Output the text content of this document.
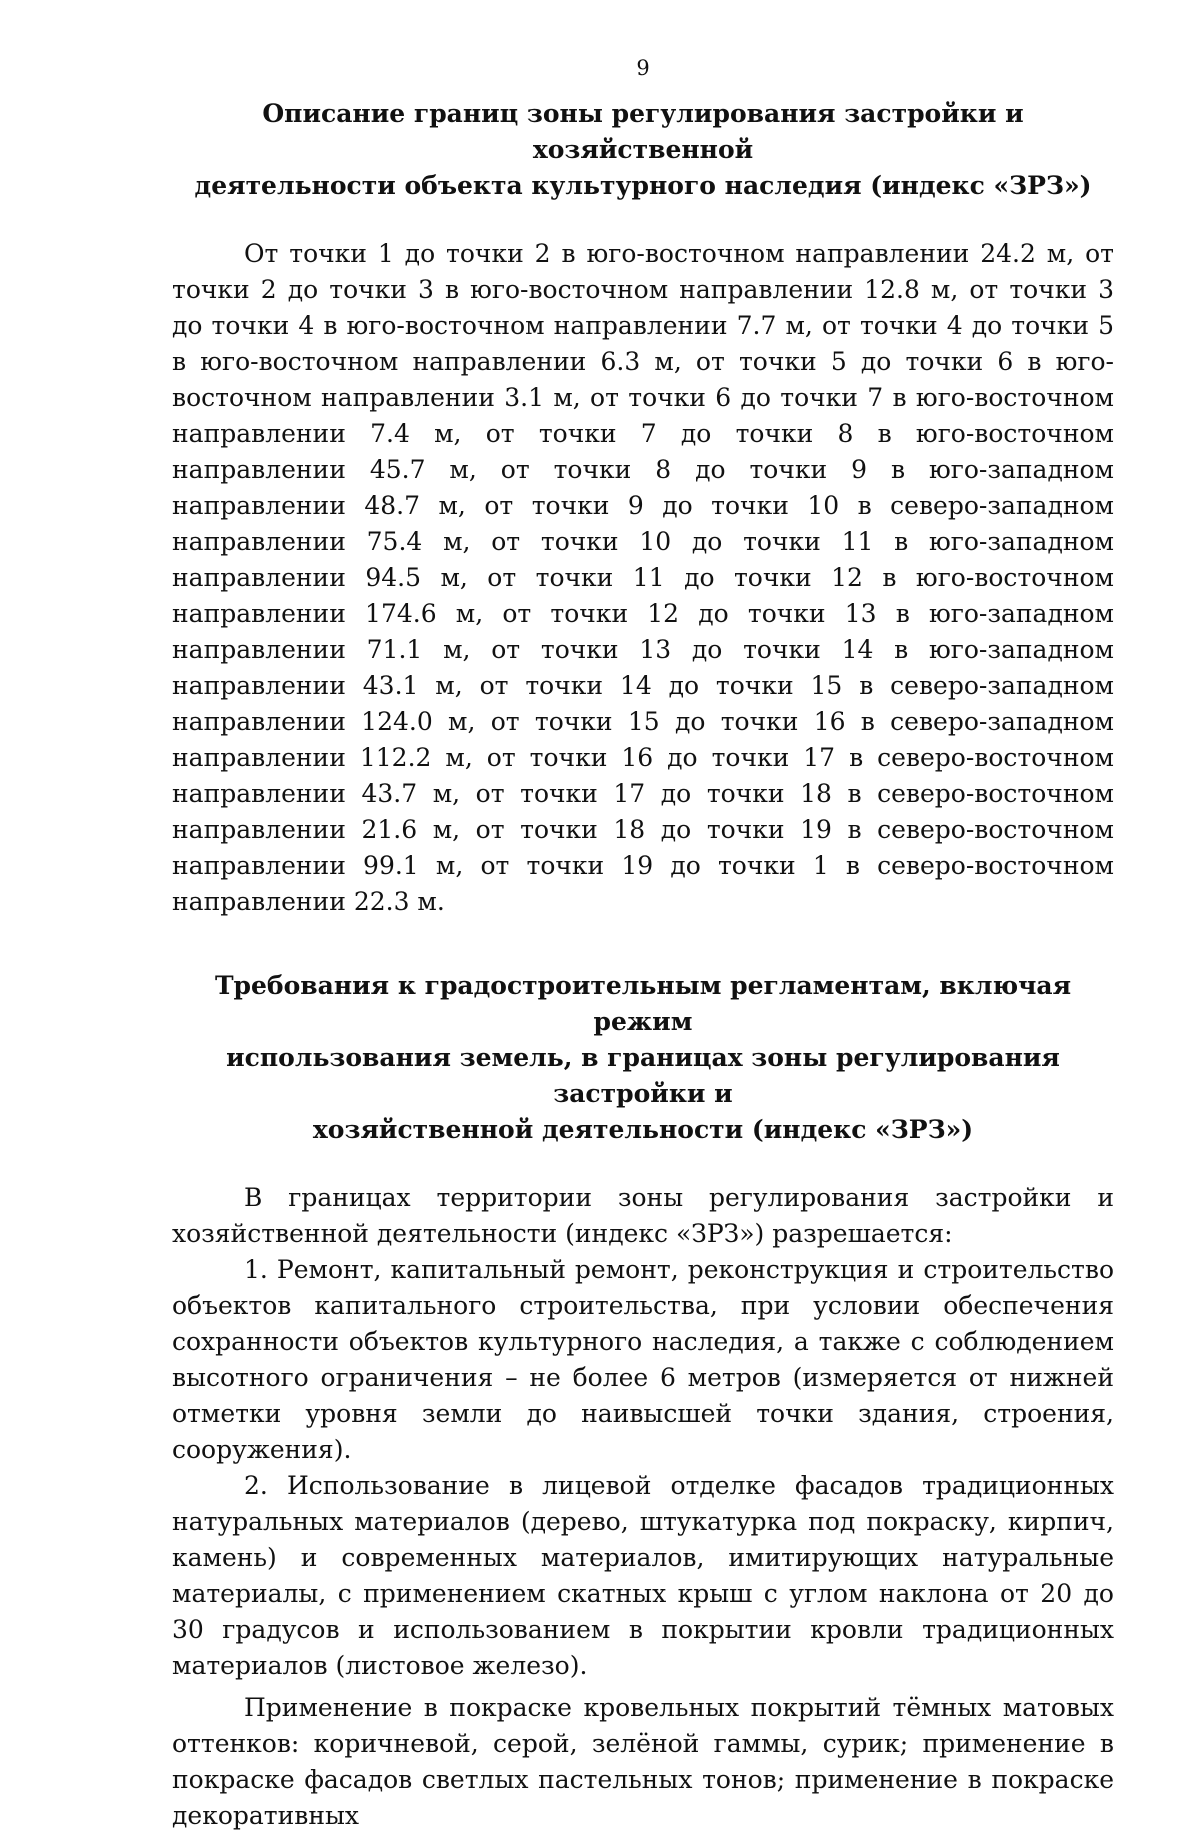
9
Описание границ зоны регулирования застройки и хозяйственной
деятельности объекта культурного наследия (индекс «ЗРЗ»)

От точки 1 до точки 2 в юго-восточном направлении 24.2 м, от точки 2 до точки 3 в юго-восточном направлении 12.8 м, от точки 3 до точки 4 в юго-восточном направлении 7.7 м, от точки 4 до точки 5 в юго-восточном направлении 6.3 м, от точки 5 до точки 6 в юго-восточном направлении 3.1 м, от точки 6 до точки 7 в юго-восточном направлении 7.4 м, от точки 7 до точки 8 в юго-восточном направлении 45.7 м, от точки 8 до точки 9 в юго-западном направлении 48.7 м, от точки 9 до точки 10 в северо-западном направлении 75.4 м, от точки 10 до точки 11 в юго-западном направлении 94.5 м, от точки 11 до точки 12 в юго-восточном направлении 174.6 м, от точки 12 до точки 13 в юго-западном направлении 71.1 м, от точки 13 до точки 14 в юго-западном направлении 43.1 м, от точки 14 до точки 15 в северо-западном направлении 124.0 м, от точки 15 до точки 16 в северо-западном направлении 112.2 м, от точки 16 до точки 17 в северо-восточном направлении 43.7 м, от точки 17 до точки 18 в северо-восточном направлении 21.6 м, от точки 18 до точки 19 в северо-восточном направлении 99.1 м, от точки 19 до точки 1 в северо-восточном направлении 22.3 м.

Требования к градостроительным регламентам, включая режим
использования земель, в границах зоны регулирования застройки и
хозяйственной деятельности (индекс «ЗРЗ»)

В границах территории зоны регулирования застройки и хозяйственной деятельности (индекс «ЗРЗ») разрешается:

1. Ремонт, капитальный ремонт, реконструкция и строительство объектов капитального строительства, при условии обеспечения сохранности объектов культурного наследия, а также с соблюдением высотного ограничения – не более 6 метров (измеряется от нижней отметки уровня земли до наивысшей точки здания, строения, сооружения).

2. Использование в лицевой отделке фасадов традиционных натуральных материалов (дерево, штукатурка под покраску, кирпич, камень) и современных материалов, имитирующих натуральные материалы, с применением скатных крыш с углом наклона от 20 до 30 градусов и использованием в покрытии кровли традиционных материалов (листовое железо).

Применение в покраске кровельных покрытий тёмных матовых оттенков: коричневой, серой, зелёной гаммы, сурик; применение в покраске фасадов светлых пастельных тонов; применение в покраске декоративных
